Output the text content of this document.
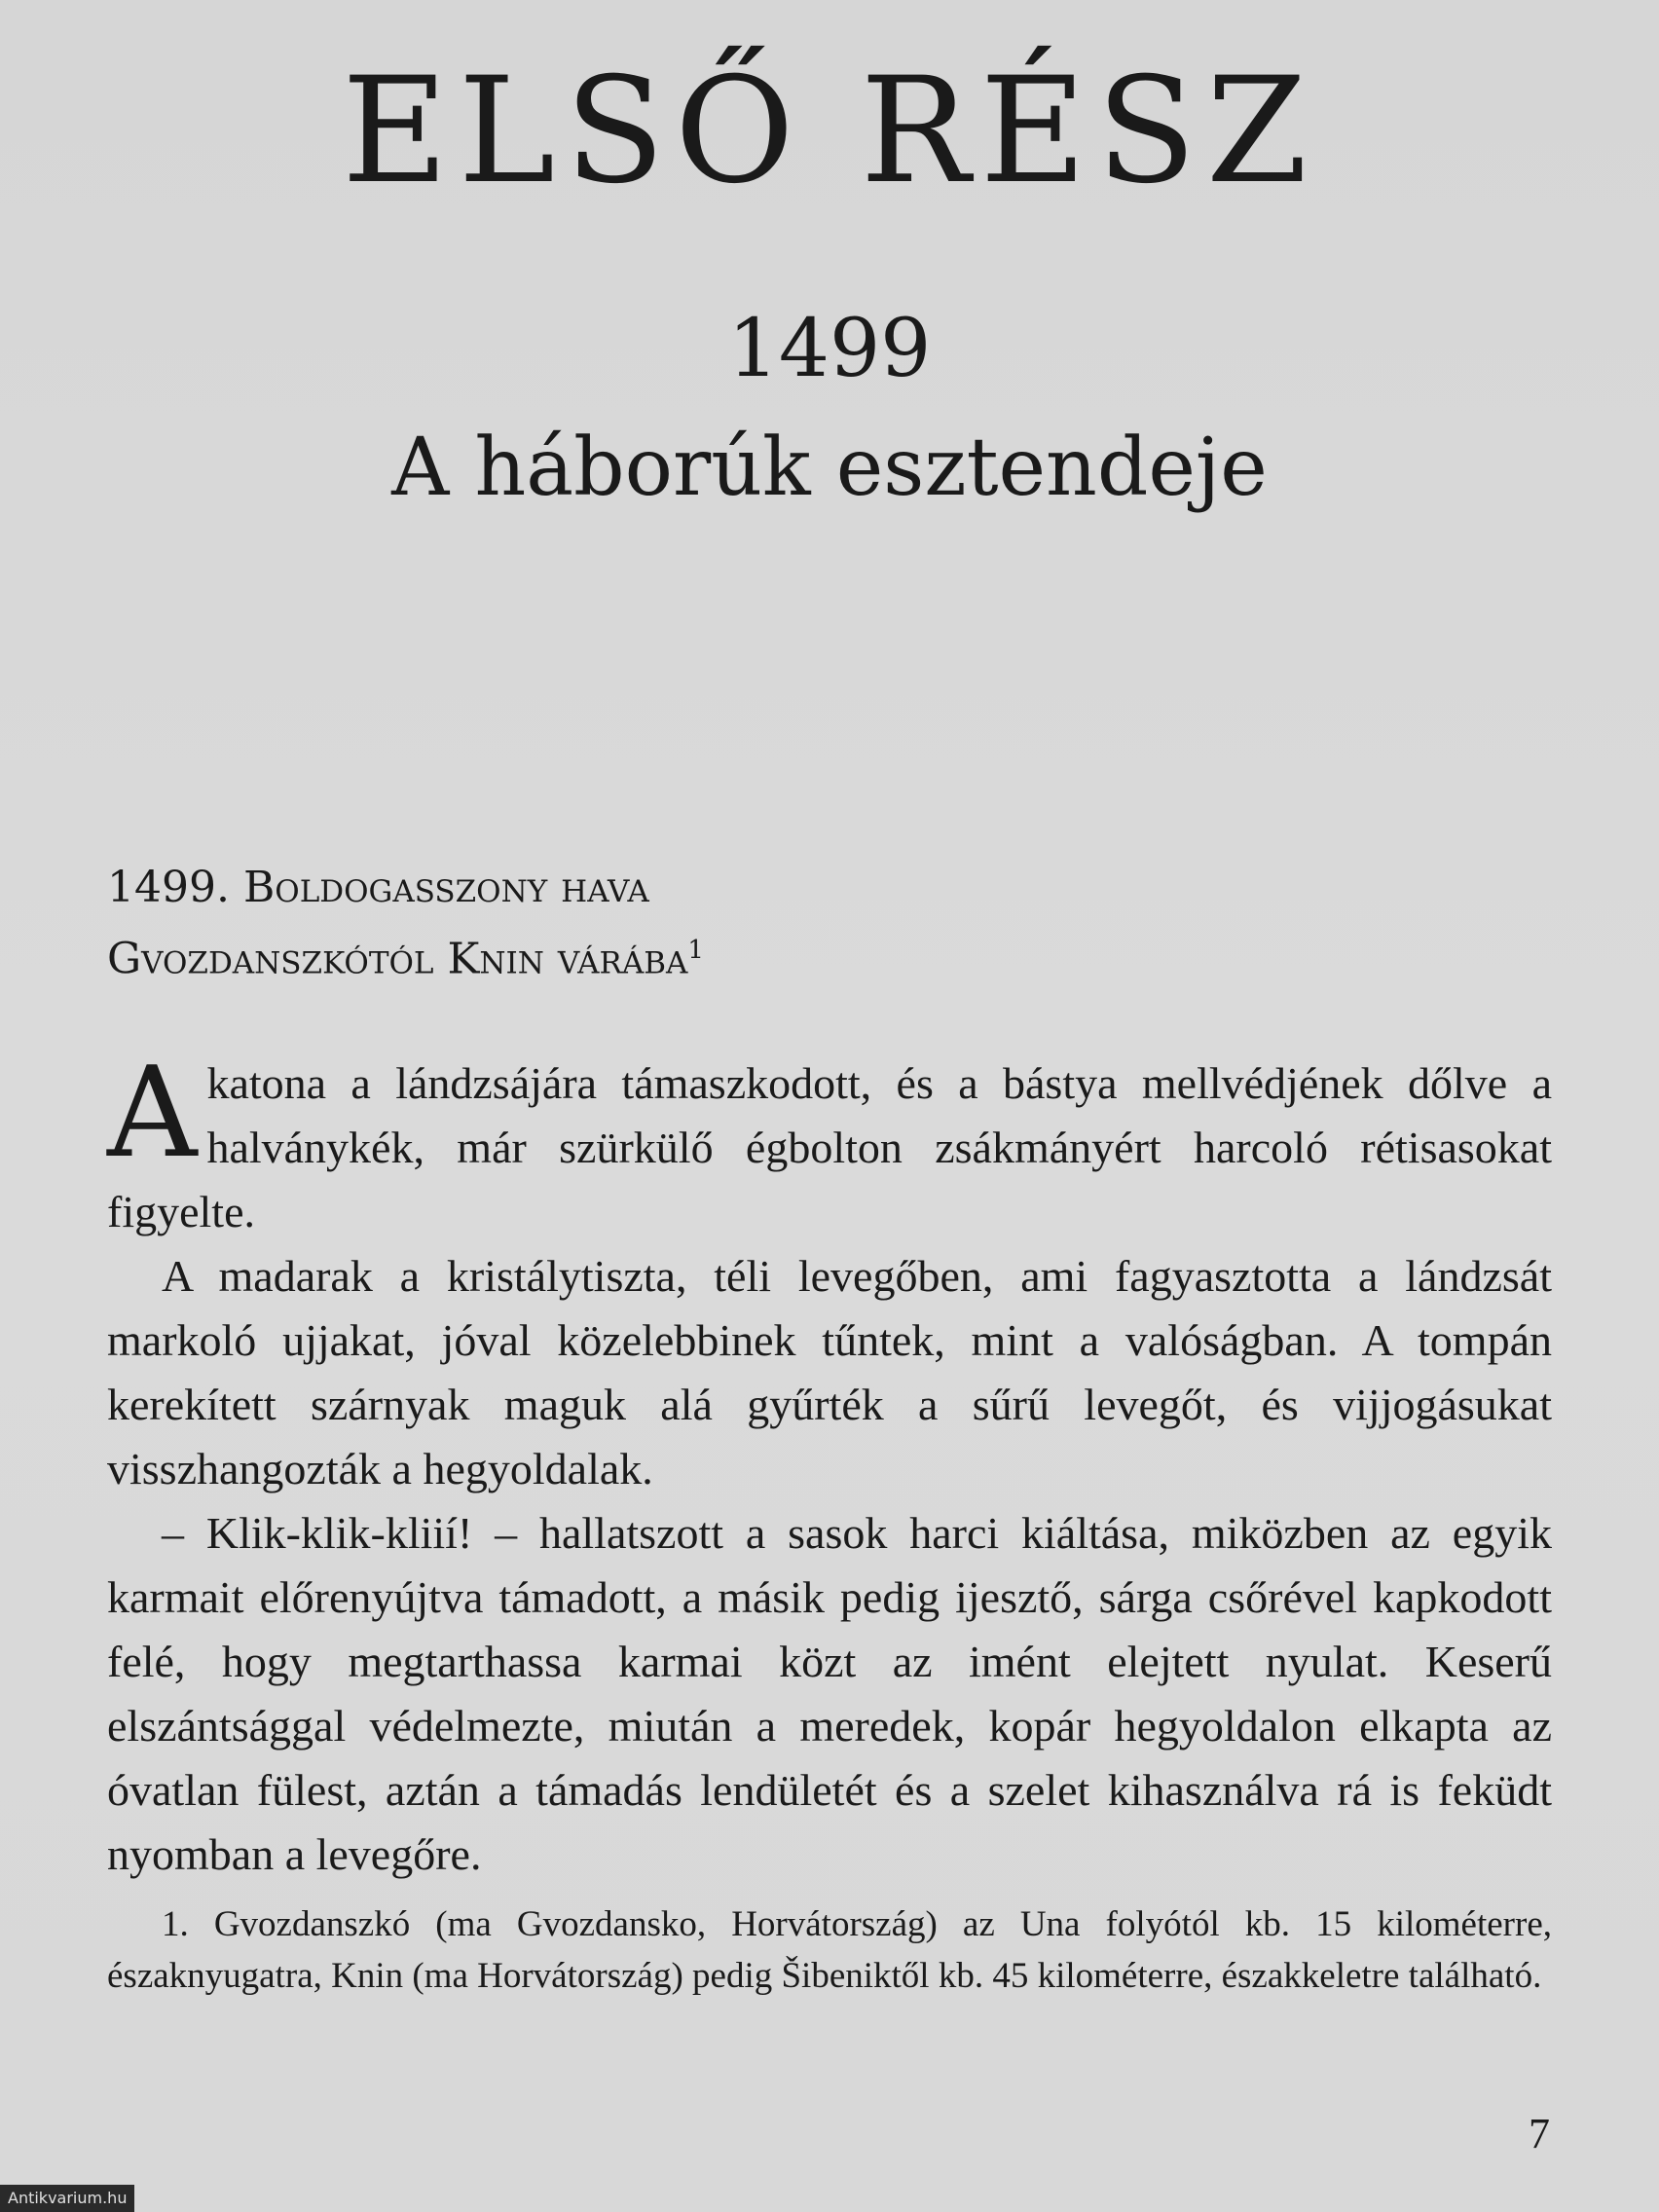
ELSŐ RÉSZ
1499
A háborúk esztendeje
1499. Boldogasszony hava
Gvozdanszkótól Knin várába$^1$

Akatona a lándzsájára támaszkodott, és a bástya mellvédjének dőlve a halványkék, már szürkülő égbolton zsákmányért harcoló rétisasokat figyelte.

A madarak a kristálytiszta, téli levegőben, ami fagyasztotta a lándzsát markoló ujjakat, jóval közelebbinek tűntek, mint a valóságban. A tompán kerekített szárnyak maguk alá gyűrték a sűrű levegőt, és vijjogásukat visszhangozták a hegyoldalak.

– Klik-klik-kliií! – hallatszott a sasok harci kiáltása, miközben az egyik karmait előrenyújtva támadott, a másik pedig ijesztő, sárga csőrével kapkodott felé, hogy megtarthassa karmai közt az imént elejtett nyulat. Keserű elszántsággal védelmezte, miután a meredek, kopár hegyoldalon elkapta az óvatlan fülest, aztán a támadás lendületét és a szelet kihasználva rá is feküdt nyomban a levegőre.

1. Gvozdanszkó (ma Gvozdansko, Horvátország) az Una folyótól kb. 15 kilométerre, északnyugatra, Knin (ma Horvátország) pedig Šibeniktől kb. 45 kilométerre, északkeletre található.
7
Antikvarium.hu
